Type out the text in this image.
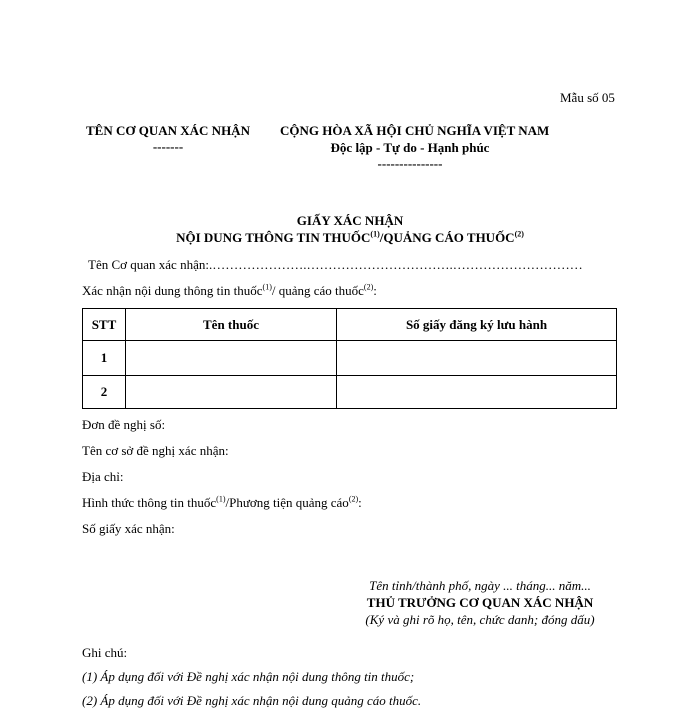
Mẫu số 05
TÊN CƠ QUAN XÁC NHẬN
-------
CỘNG HÒA XÃ HỘI CHỦ NGHĨA VIỆT NAM
Độc lập - Tự do - Hạnh phúc
---------------
GIẤY XÁC NHẬN
NỘI DUNG THÔNG TIN THUỐC$^{(1)}$/QUẢNG CÁO THUỐC$^{(2)}$
Tên Cơ quan xác nhận:.………………….…………………………….…………………………
Xác nhận nội dung thông tin thuốc$^{(1)}$/ quảng cáo thuốc$^{(2)}$:
STT	Tên thuốc	Số giấy đăng ký lưu hành
1		
2		
Đơn đề nghị số:
Tên cơ sở đề nghị xác nhận:
Địa chỉ:
Hình thức thông tin thuốc$^{(1)}$/Phương tiện quảng cáo$^{(2)}$:
Số giấy xác nhận:
Tên tỉnh/thành phố, ngày ... tháng... năm...
THỦ TRƯỞNG CƠ QUAN XÁC NHẬN
(Ký và ghi rõ họ, tên, chức danh; đóng dấu)
Ghi chú:
(1) Áp dụng đối với Đề nghị xác nhận nội dung thông tin thuốc;
(2) Áp dụng đối với Đề nghị xác nhận nội dung quảng cáo thuốc.
